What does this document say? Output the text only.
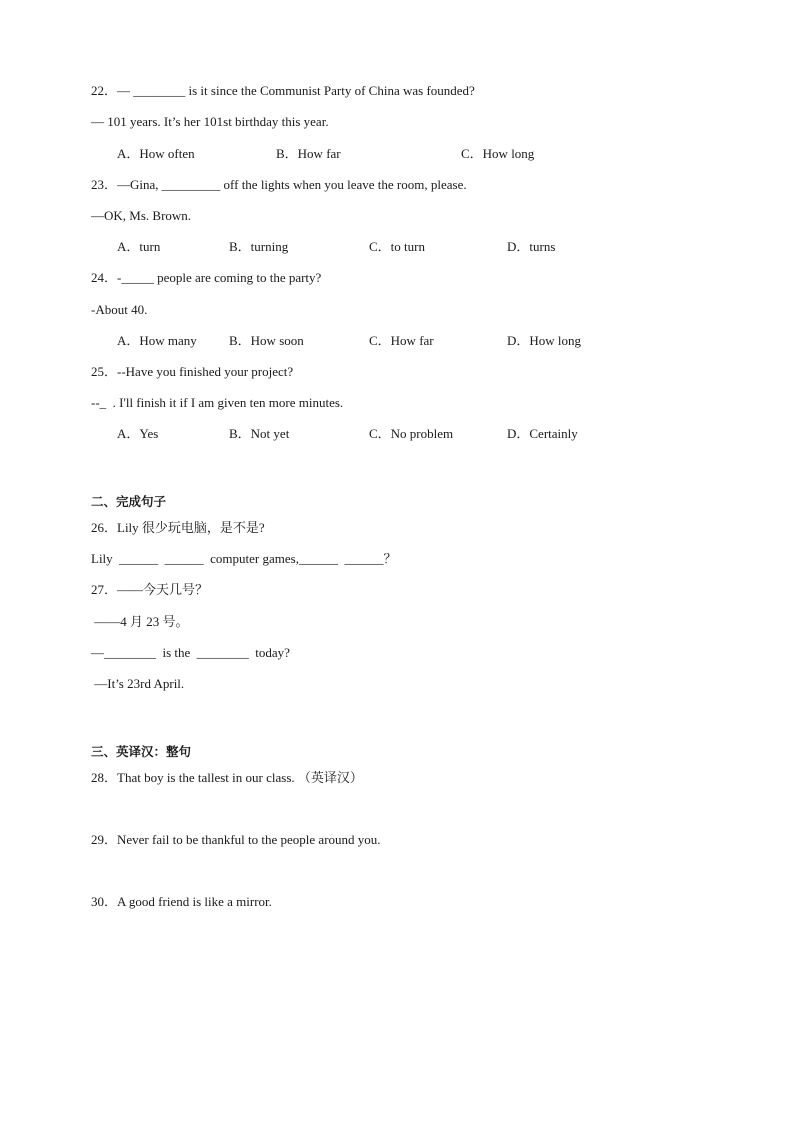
22．— ________ is it since the Communist Party of China was founded?
— 101 years. It’s her 101st birthday this year.
A．How often	B．How far	C．How long
23．—Gina, _________ off the lights when you leave the room, please.
—OK, Ms. Brown.
A．turn	B．turning	C．to turn	D．turns
24．-_____ people are coming to the party?
-About 40.
A．How many B．How soon	C．How far	D．How long
25．--Have you finished your project?
--_  . I'll finish it if I am given ten more minutes.
A．Yes	B．Not yet	C．No problem	D．Certainly
二、完成句子
26．Lily 很少玩电脑，是不是?
Lily  ______  ______  computer games,______  ______？
27．——今天几号？
——4 月 23 号。
—________  is the  ________  today?
—It’s 23rd April.
三、英译汉：整句
28．That boy is the tallest in our class. （英译汉）
29．Never fail to be thankful to the people around you.
30．A good friend is like a mirror.
